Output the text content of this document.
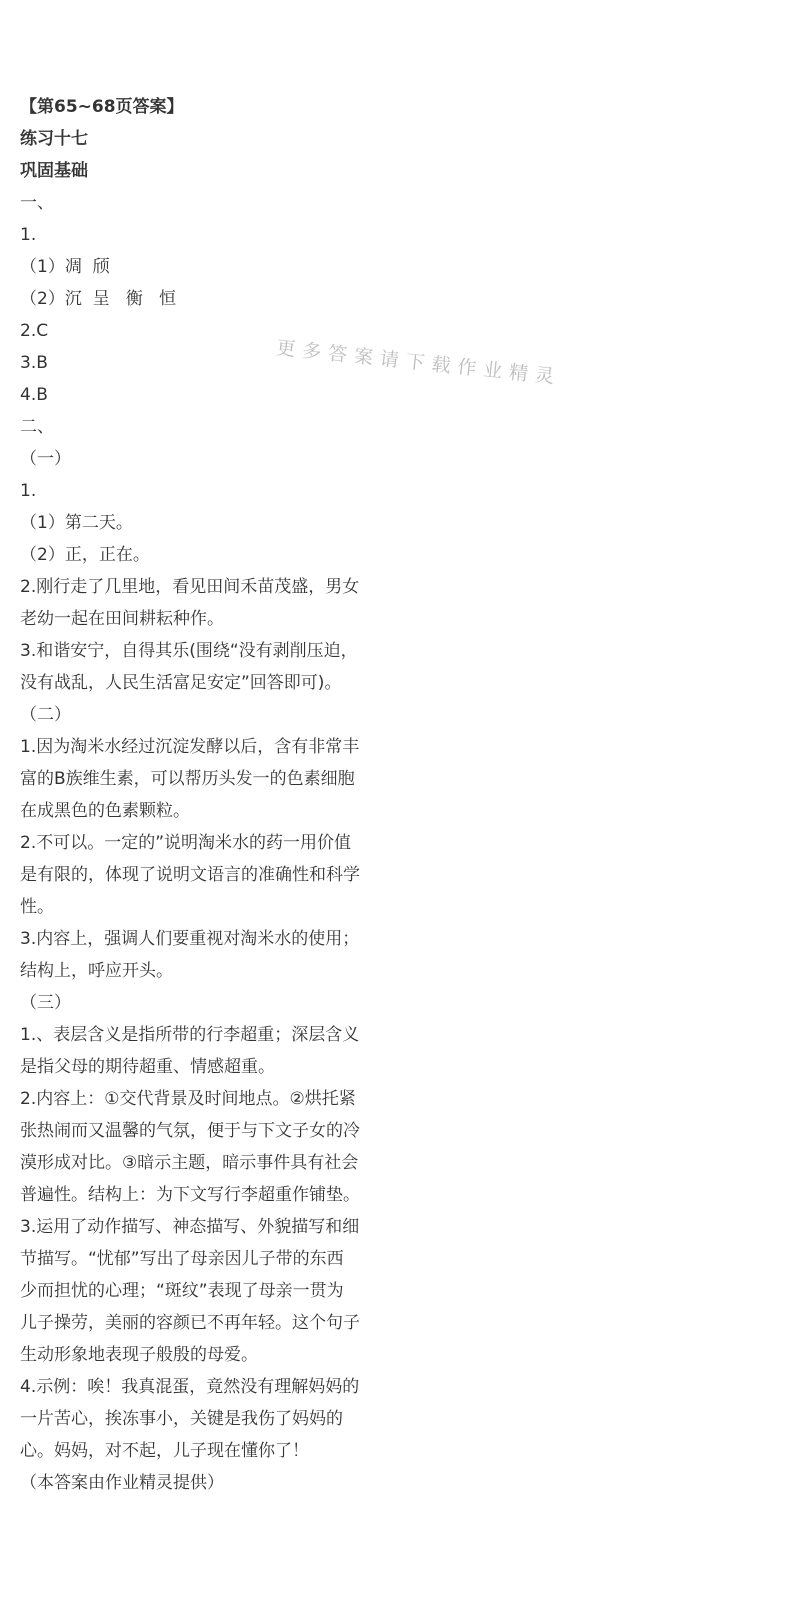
更多答案请下载作业精灵
【第65~68页答案】
练习十七
巩固基础
一、
1.
（1）凋  颀
（2）沉  呈   衡   恒
2.C
3.B
4.B
二、
（一）
1.
（1）第二天。
（2）正，正在。
2.刚行走了几里地，看见田间禾苗茂盛，男女
老幼一起在田间耕耘种作。
3.和谐安宁，自得其乐(围绕“没有剥削压迫，
没有战乱，人民生活富足安定”回答即可)。
（二）
1.因为淘米水经过沉淀发酵以后，含有非常丰
富的B族维生素，可以帮历头发一的色素细胞
在成黑色的色素颗粒。
2.不可以。一定的”说明淘米水的药一用价值
是有限的，体现了说明文语言的准确性和科学
性。
3.内容上，强调人们要重视对淘米水的使用；
结构上，呼应开头。
（三）
1.、表层含义是指所带的行李超重；深层含义
是指父母的期待超重、情感超重。
2.内容上：①交代背景及时间地点。②烘托紧
张热闹而又温馨的气氛，便于与下文子女的冷
漠形成对比。③暗示主题，暗示事件具有社会
普遍性。结构上：为下文写行李超重作铺垫。
3.运用了动作描写、神态描写、外貌描写和细
节描写。“忧郁”写出了母亲因儿子带的东西
少而担忧的心理；“斑纹”表现了母亲一贯为
儿子操劳，美丽的容颜已不再年轻。这个句子
生动形象地表现子般殷的母爱。
4.示例：唉！我真混蛋，竟然没有理解妈妈的
一片苦心，挨冻事小，关键是我伤了妈妈的
心。妈妈，对不起，儿子现在懂你了！
（本答案由作业精灵提供）
